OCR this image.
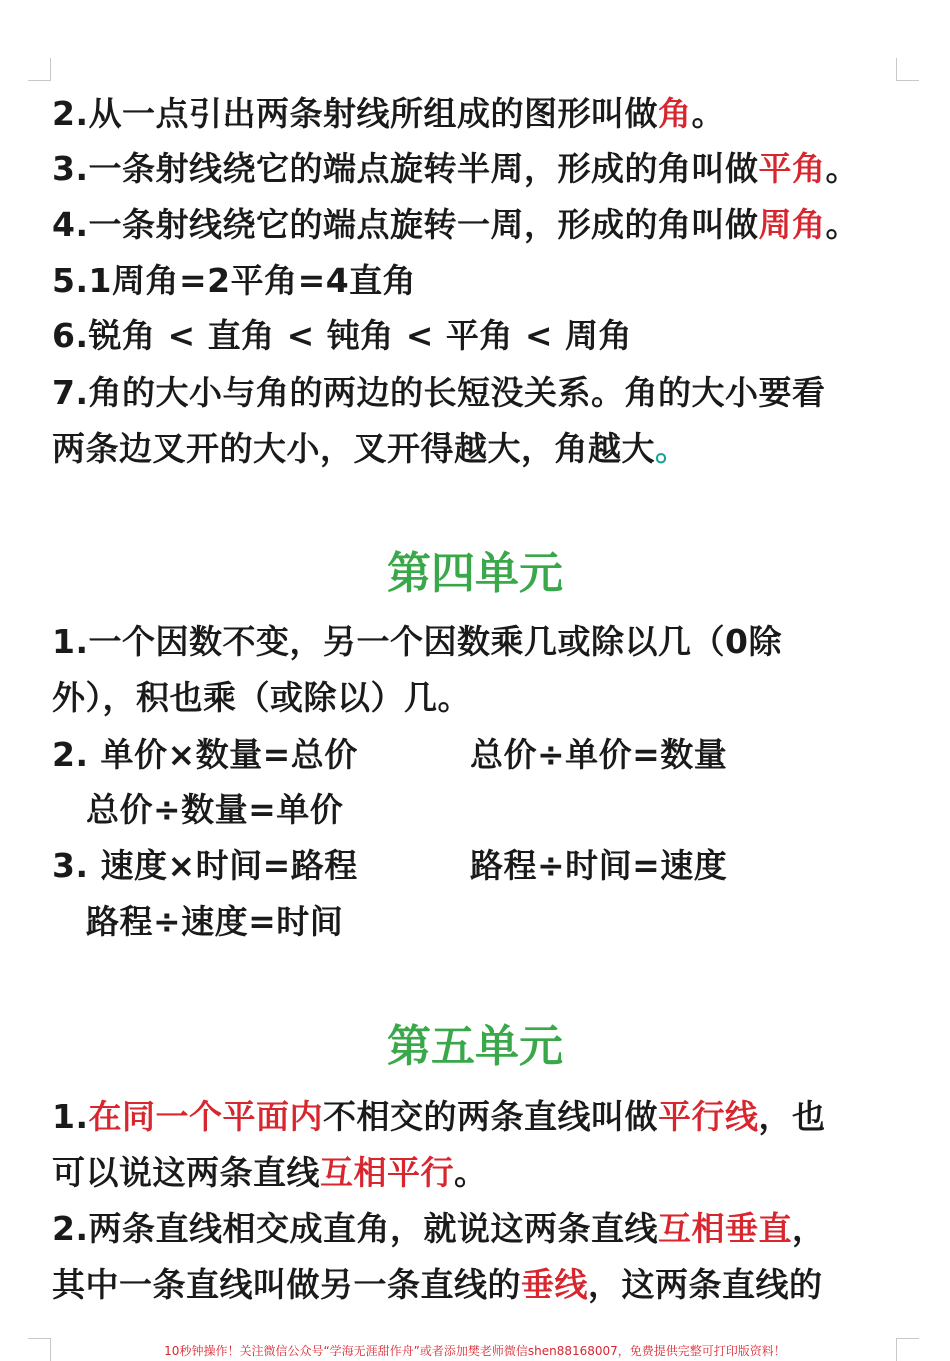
2.从一点引出两条射线所组成的图形叫做角。
3.一条射线绕它的端点旋转半周，形成的角叫做平角。
4.一条射线绕它的端点旋转一周，形成的角叫做周角。
5.1周角=2平角=4直角
6.锐角 < 直角 < 钝角 < 平角 < 周角
7.角的大小与角的两边的长短没关系。角的大小要看
两条边叉开的大小，叉开得越大，角越大。
第四单元
1.一个因数不变，另一个因数乘几或除以几（0除
外），积也乘（或除以）几。
2. 单价×数量=总价	总价÷单价=数量
总价÷数量=单价
3. 速度×时间=路程	路程÷时间=速度
路程÷速度=时间
第五单元
1.在同一个平面内不相交的两条直线叫做平行线，也
可以说这两条直线互相平行。
2.两条直线相交成直角，就说这两条直线互相垂直，
其中一条直线叫做另一条直线的垂线，这两条直线的
10秒钟操作！关注微信公众号“学海无涯甜作舟”或者添加樊老师微信shen88168007，免费提供完整可打印版资料！
